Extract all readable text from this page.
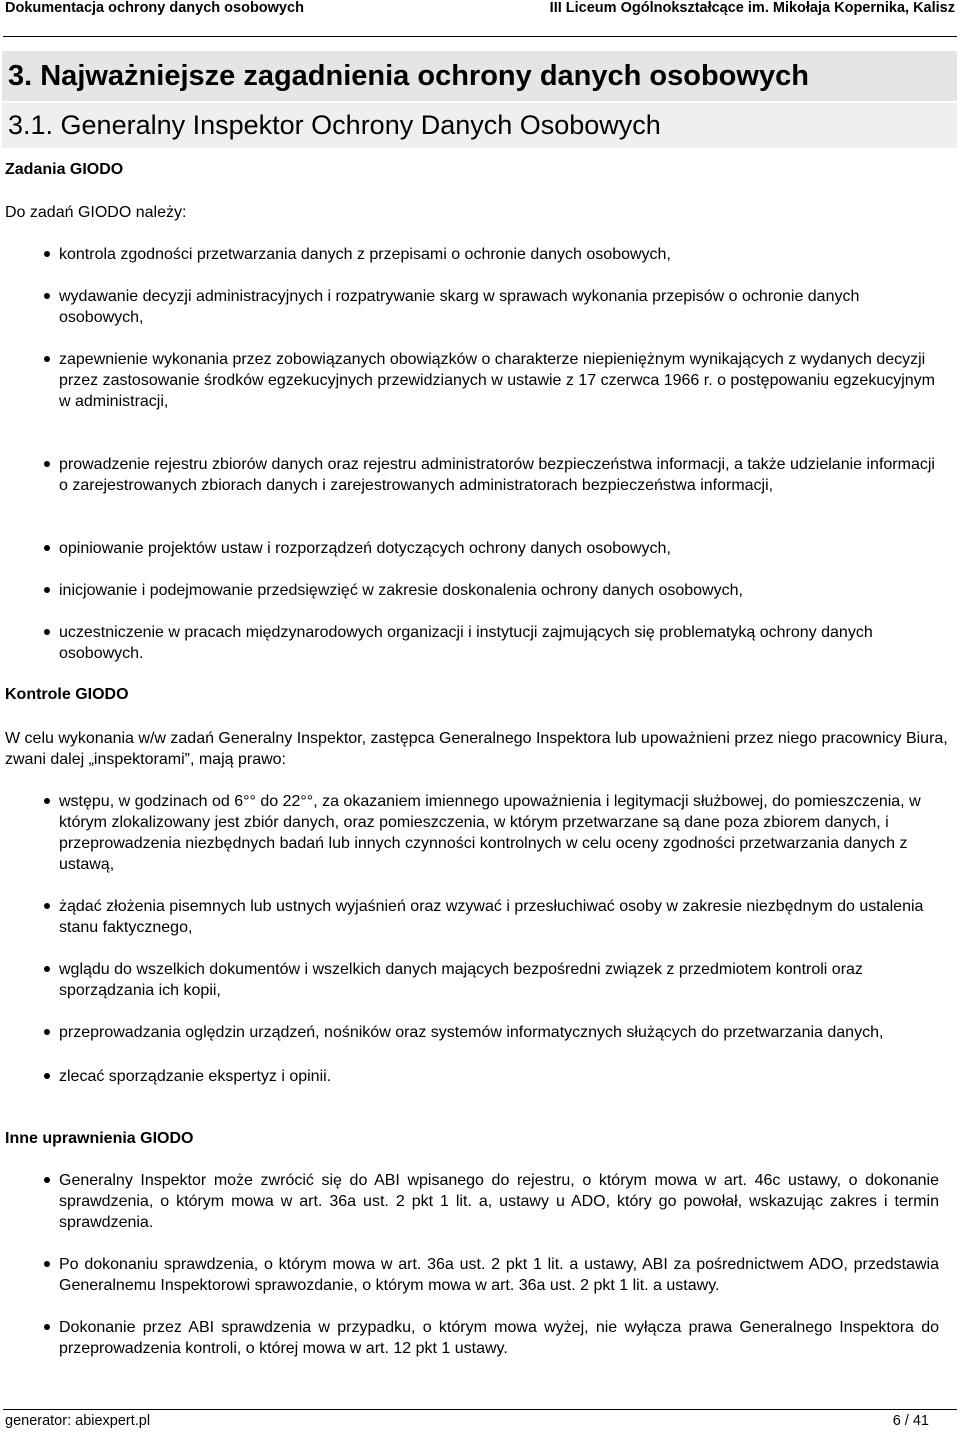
Dokumentacja ochrony danych osobowych	III Liceum Ogólnokształcące im. Mikołaja Kopernika, Kalisz
3. Najważniejsze zagadnienia ochrony danych osobowych
3.1. Generalny Inspektor Ochrony Danych Osobowych
Zadania GIODO

Do zadań GIODO należy:

kontrola zgodności przetwarzania danych z przepisami o ochronie danych osobowych,
wydawanie decyzji administracyjnych i rozpatrywanie skarg w sprawach wykonania przepisów o ochronie danych osobowych,
zapewnienie wykonania przez zobowiązanych obowiązków o charakterze niepieniężnym wynikających z wydanych decyzji przez zastosowanie środków egzekucyjnych przewidzianych w ustawie z 17 czerwca 1966 r. o postępowaniu egzekucyjnym w administracji,
prowadzenie rejestru zbiorów danych oraz rejestru administratorów bezpieczeństwa informacji, a także udzielanie informacji o zarejestrowanych zbiorach danych i zarejestrowanych administratorach bezpieczeństwa informacji,
opiniowanie projektów ustaw i rozporządzeń dotyczących ochrony danych osobowych,
inicjowanie i podejmowanie przedsięwzięć w zakresie doskonalenia ochrony danych osobowych,
uczestniczenie w pracach międzynarodowych organizacji i instytucji zajmujących się problematyką ochrony danych osobowych.
Kontrole GIODO

W celu wykonania w/w zadań Generalny Inspektor, zastępca Generalnego Inspektora lub upoważnieni przez niego pracownicy Biura, zwani dalej „inspektorami”, mają prawo:

wstępu, w godzinach od 6°° do 22°°, za okazaniem imiennego upoważnienia i legitymacji służbowej, do pomieszczenia, w którym zlokalizowany jest zbiór danych, oraz pomieszczenia, w którym przetwarzane są dane poza zbiorem danych, i przeprowadzenia niezbędnych badań lub innych czynności kontrolnych w celu oceny zgodności przetwarzania danych z ustawą,
żądać złożenia pisemnych lub ustnych wyjaśnień oraz wzywać i przesłuchiwać osoby w zakresie niezbędnym do ustalenia stanu faktycznego,
wglądu do wszelkich dokumentów i wszelkich danych mających bezpośredni związek z przedmiotem kontroli oraz sporządzania ich kopii,
przeprowadzania oględzin urządzeń, nośników oraz systemów informatycznych służących do przetwarzania danych,
zlecać sporządzanie ekspertyz i opinii.
Inne uprawnienia GIODO
Generalny Inspektor może zwrócić się do ABI wpisanego do rejestru, o którym mowa w art. 46c ustawy, o dokonanie sprawdzenia, o którym mowa w art. 36a ust. 2 pkt 1 lit. a, ustawy u ADO, który go powołał, wskazując zakres i termin sprawdzenia.
Po dokonaniu sprawdzenia, o którym mowa w art. 36a ust. 2 pkt 1 lit. a ustawy, ABI za pośrednictwem ADO, przedstawia Generalnemu Inspektorowi sprawozdanie, o którym mowa w art. 36a ust. 2 pkt 1 lit. a ustawy.
Dokonanie przez ABI sprawdzenia w przypadku, o którym mowa wyżej, nie wyłącza prawa Generalnego Inspektora do przeprowadzenia kontroli, o której mowa w art. 12 pkt 1 ustawy.
generator: abiexpert.pl	6 / 41
